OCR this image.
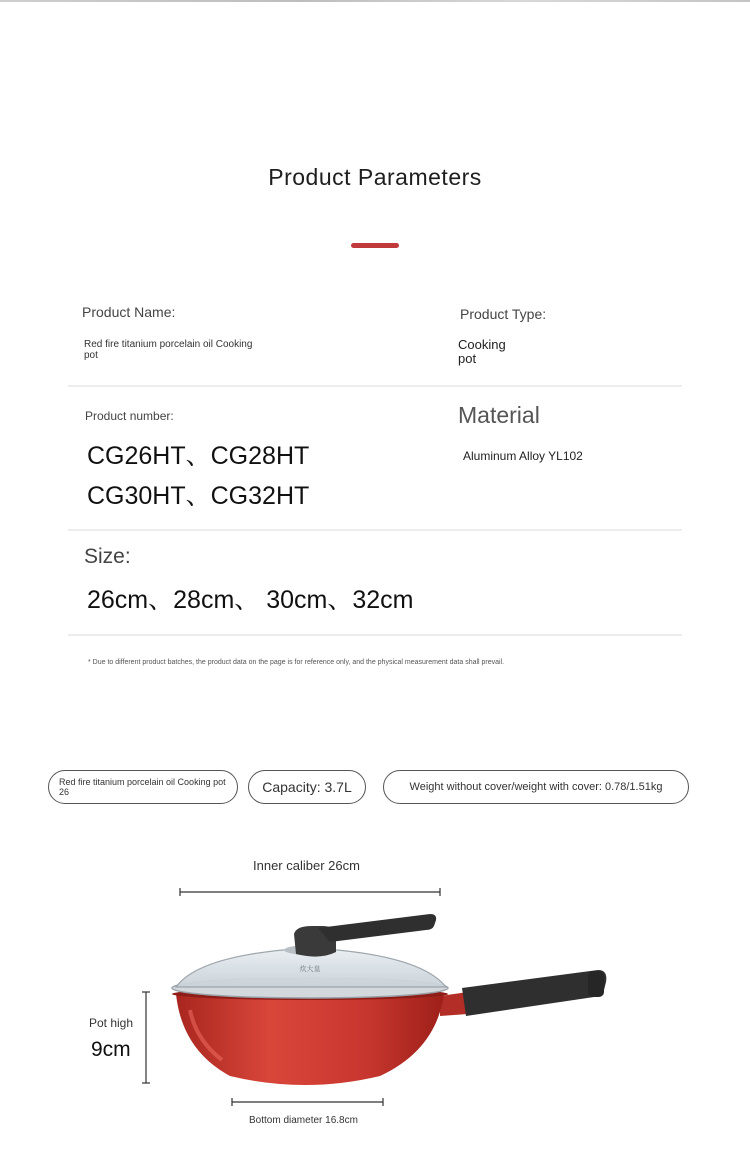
Product Parameters
Product Name:
Red fire titanium porcelain oil Cooking pot
Product Type:
Cooking pot
Product number:
CG26HT、CG28HT
CG30HT、CG32HT
Material
Aluminum Alloy YL102
Size:
26cm、28cm、 30cm、32cm
* Due to different product batches, the product data on the page is for reference only, and the physical measurement data shall prevail.
Red fire titanium porcelain oil Cooking pot 26	Capacity: 3.7L	Weight without cover/weight with cover: 0.78/1.51kg
Inner caliber 26cm
Pot high
9cm
Bottom diameter 16.8cm
炊大皇
